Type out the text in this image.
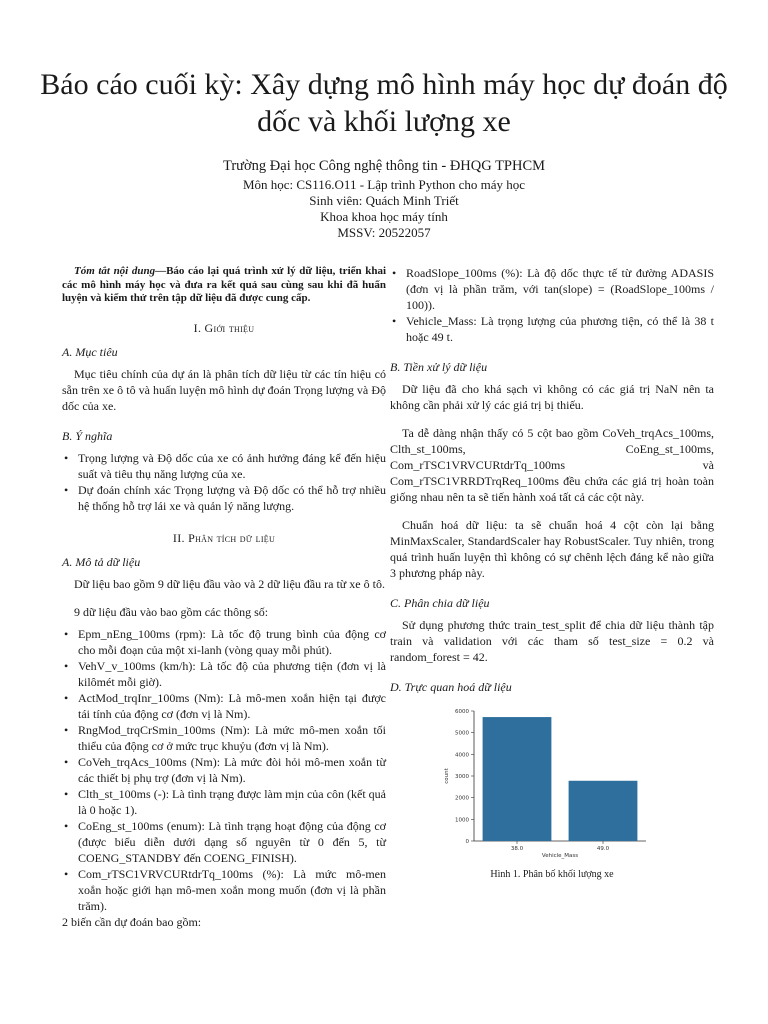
Báo cáo cuối kỳ: Xây dựng mô hình máy học dự đoán độ dốc và khối lượng xe
Trường Đại học Công nghệ thông tin - ĐHQG TPHCM
Môn học: CS116.O11 - Lập trình Python cho máy học
Sinh viên: Quách Minh Triết
Khoa khoa học máy tính
MSSV: 20522057

Tóm tắt nội dung—Báo cáo lại quá trình xử lý dữ liệu, triển khai các mô hình máy học và đưa ra kết quả sau cùng sau khi đã huấn luyện và kiểm thử trên tập dữ liệu đã được cung cấp.

I. Giới thiệu
A. Mục tiêu

Mục tiêu chính của dự án là phân tích dữ liệu từ các tín hiệu có sẵn trên xe ô tô và huấn luyện mô hình dự đoán Trọng lượng và Độ dốc của xe.

B. Ý nghĩa
• Trọng lượng và Độ dốc của xe có ảnh hưởng đáng kể đến hiệu suất và tiêu thụ năng lượng của xe.
• Dự đoán chính xác Trọng lượng và Độ dốc có thể hỗ trợ nhiều hệ thống hỗ trợ lái xe và quản lý năng lượng.
II. Phân tích dữ liệu
A. Mô tả dữ liệu

Dữ liệu bao gồm 9 dữ liệu đầu vào và 2 dữ liệu đầu ra từ xe ô tô.

9 dữ liệu đầu vào bao gồm các thông số:

• Epm_nEng_100ms (rpm): Là tốc độ trung bình của động cơ cho mỗi đoạn của một xi-lanh (vòng quay mỗi phút).
• VehV_v_100ms (km/h): Là tốc độ của phương tiện (đơn vị là kilômét mỗi giờ).
• ActMod_trqInr_100ms (Nm): Là mô-men xoắn hiện tại được tái tính của động cơ (đơn vị là Nm).
• RngMod_trqCrSmin_100ms (Nm): Là mức mô-men xoắn tối thiểu của động cơ ở mức trục khuỷu (đơn vị là Nm).
• CoVeh_trqAcs_100ms (Nm): Là mức đòi hỏi mô-men xoắn từ các thiết bị phụ trợ (đơn vị là Nm).
• Clth_st_100ms (-): Là tình trạng được làm mịn của côn (kết quả là 0 hoặc 1).
• CoEng_st_100ms (enum): Là tình trạng hoạt động của động cơ (được biểu diễn dưới dạng số nguyên từ 0 đến 5, từ COENG_STANDBY đến COENG_FINISH).
• Com_rTSC1VRVCURtdrTq_100ms (%): Là mức mô-men xoắn hoặc giới hạn mô-men xoắn mong muốn (đơn vị là phần trăm).

2 biến cần dự đoán bao gồm:

• RoadSlope_100ms (%): Là độ dốc thực tế từ đường ADASIS (đơn vị là phần trăm, với tan(slope) = (RoadSlope_100ms / 100)).
• Vehicle_Mass: Là trọng lượng của phương tiện, có thể là 38 t hoặc 49 t.
B. Tiền xử lý dữ liệu

Dữ liệu đã cho khá sạch vì không có các giá trị NaN nên ta không cần phải xử lý các giá trị bị thiếu.

Ta dễ dàng nhận thấy có 5 cột bao gồm CoVeh_trqAcs_100ms, Clth_st_100ms, CoEng_st_100ms, Com_rTSC1VRVCURtdrTq_100ms và Com_rTSC1VRRDTrqReq_100ms đều chứa các giá trị hoàn toàn giống nhau nên ta sẽ tiến hành xoá tất cả các cột này.

Chuẩn hoá dữ liệu: ta sẽ chuẩn hoá 4 cột còn lại bằng MinMaxScaler, StandardScaler hay RobustScaler. Tuy nhiên, trong quá trình huấn luyện thì không có sự chênh lệch đáng kể nào giữa 3 phương pháp này.

C. Phân chia dữ liệu

Sử dụng phương thức train_test_split để chia dữ liệu thành tập train và validation với các tham số test_size = 0.2 và random_forest = 42.

D. Trực quan hoá dữ liệu
0
1000
2000
3000
4000
5000
6000
count
38.0	49.0
Vehicle_Mass
Hình 1. Phân bố khối lượng xe
